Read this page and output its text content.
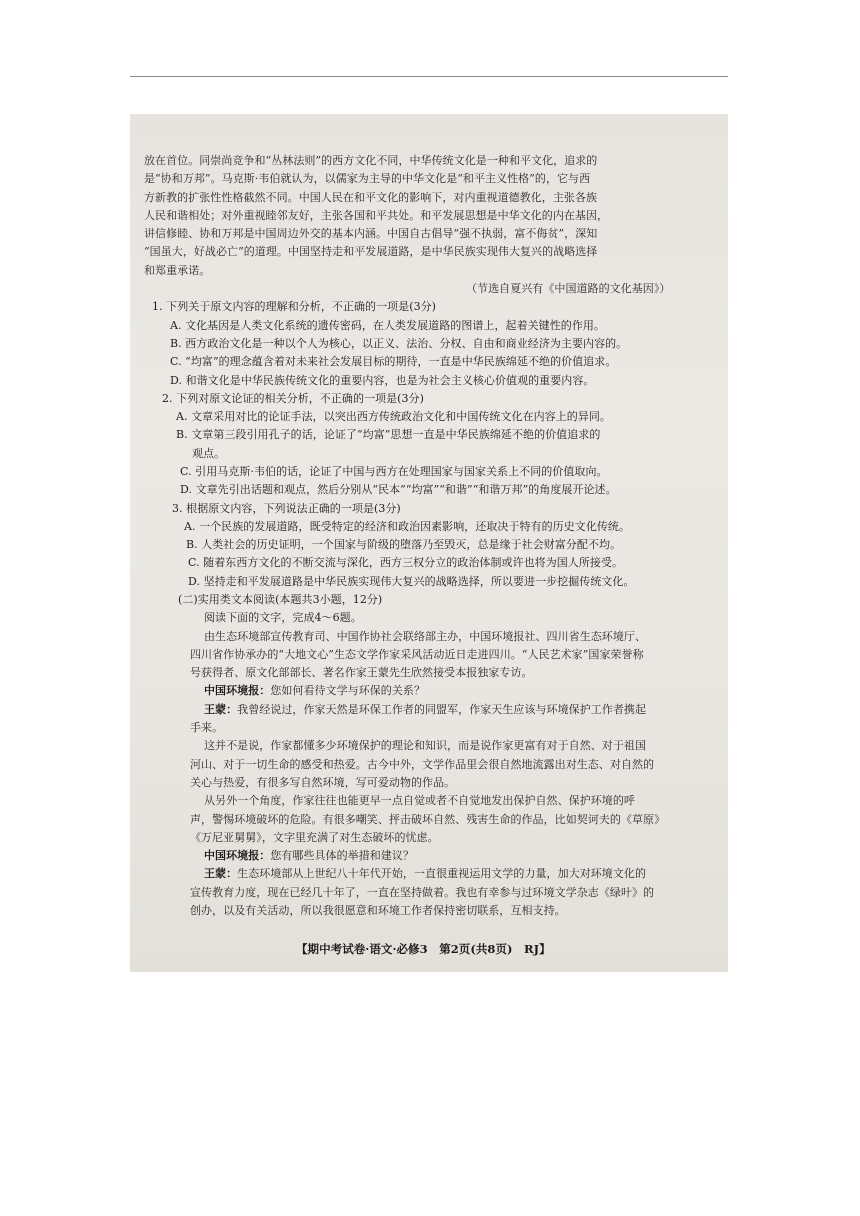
放在首位。同崇尚竞争和“丛林法则”的西方文化不同，中华传统文化是一种和平文化，追求的

是“协和万邦”。马克斯·韦伯就认为，以儒家为主导的中华文化是“和平主义性格”的，它与西

方新教的扩张性性格截然不同。中国人民在和平文化的影响下，对内重视道德教化，主张各族

人民和谐相处；对外重视睦邻友好，主张各国和平共处。和平发展思想是中华文化的内在基因，

讲信修睦、协和万邦是中国周边外交的基本内涵。中国自古倡导“强不执弱，富不侮贫”，深知

“国虽大，好战必亡”的道理。中国坚持走和平发展道路，是中华民族实现伟大复兴的战略选择

和郑重承诺。

（节选自夏兴有《中国道路的文化基因》）

1. 下列关于原文内容的理解和分析，不正确的一项是(3分)

A. 文化基因是人类文化系统的遗传密码，在人类发展道路的图谱上，起着关键性的作用。

B. 西方政治文化是一种以个人为核心，以正义、法治、分权、自由和商业经济为主要内容的。

C. “均富”的理念蕴含着对未来社会发展目标的期待，一直是中华民族绵延不绝的价值追求。

D. 和谐文化是中华民族传统文化的重要内容，也是为社会主义核心价值观的重要内容。

2. 下列对原文论证的相关分析，不正确的一项是(3分)

A. 文章采用对比的论证手法，以突出西方传统政治文化和中国传统文化在内容上的异同。

B. 文章第三段引用孔子的话，论证了“均富”思想一直是中华民族绵延不绝的价值追求的

观点。

C. 引用马克斯·韦伯的话，论证了中国与西方在处理国家与国家关系上不同的价值取向。

D. 文章先引出话题和观点，然后分别从“民本”“均富”“和谐”“和谐万邦”的角度展开论述。

3. 根据原文内容，下列说法正确的一项是(3分)

A. 一个民族的发展道路，既受特定的经济和政治因素影响，还取决于特有的历史文化传统。

B. 人类社会的历史证明，一个国家与阶级的堕落乃至毁灭，总是缘于社会财富分配不均。

C. 随着东西方文化的不断交流与深化，西方三权分立的政治体制或许也将为国人所接受。

D. 坚持走和平发展道路是中华民族实现伟大复兴的战略选择，所以要进一步挖掘传统文化。

(二)实用类文本阅读(本题共3小题，12分)

阅读下面的文字，完成4～6题。

由生态环境部宣传教育司、中国作协社会联络部主办，中国环境报社、四川省生态环境厅、

四川省作协承办的“大地文心”生态文学作家采风活动近日走进四川。“人民艺术家”国家荣誉称

号获得者、原文化部部长、著名作家王蒙先生欣然接受本报独家专访。

中国环境报：您如何看待文学与环保的关系？

王蒙：我曾经说过，作家天然是环保工作者的同盟军，作家天生应该与环境保护工作者携起

手来。

这并不是说，作家都懂多少环境保护的理论和知识，而是说作家更富有对于自然、对于祖国

河山、对于一切生命的感受和热爱。古今中外，文学作品里会很自然地流露出对生态、对自然的

关心与热爱，有很多写自然环境，写可爱动物的作品。

从另外一个角度，作家往往也能更早一点自觉或者不自觉地发出保护自然、保护环境的呼

声，警惕环境破坏的危险。有很多嘲笑、抨击破坏自然、残害生命的作品，比如契诃夫的《草原》

《万尼亚舅舅》，文字里充满了对生态破坏的忧虑。

中国环境报：您有哪些具体的举措和建议？

王蒙：生态环境部从上世纪八十年代开始，一直很重视运用文学的力量，加大对环境文化的

宣传教育力度，现在已经几十年了，一直在坚持做着。我也有幸参与过环境文学杂志《绿叶》的

创办，以及有关活动，所以我很愿意和环境工作者保持密切联系，互相支持。

【期中考试卷·语文·必修3　第2页(共8页)　RJ】
